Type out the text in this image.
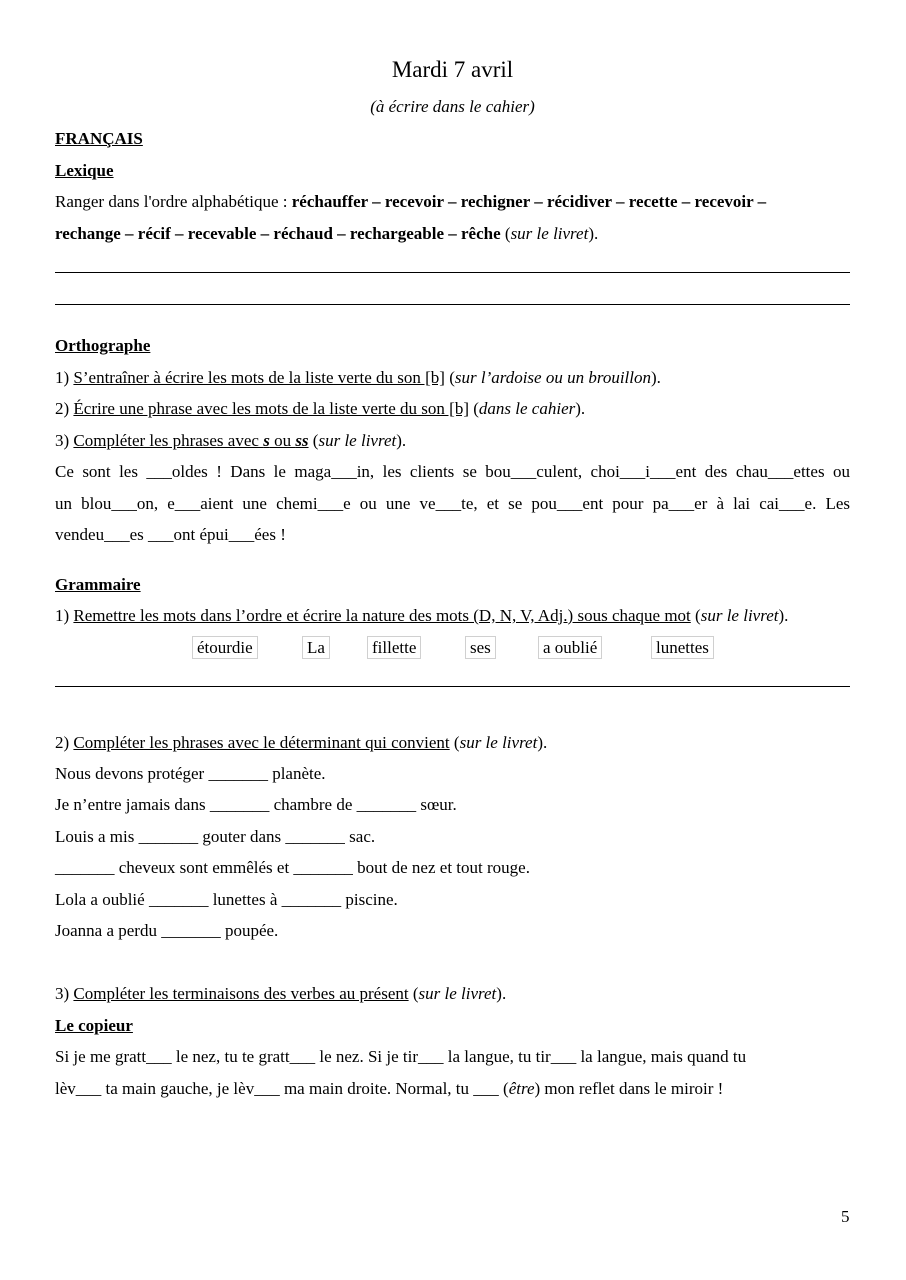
Mardi 7 avril
(à écrire dans le cahier)
FRANÇAIS
Lexique
Ranger dans l'ordre alphabétique : réchauffer – recevoir – rechigner – récidiver – recette – recevoir –
rechange – récif – recevable – réchaud – rechargeable – rêche (sur le livret).
Orthographe
1) S’entraîner à écrire les mots de la liste verte du son [b] (sur l’ardoise ou un brouillon).
2) Écrire une phrase avec les mots de la liste verte du son [b] (dans le cahier).
3) Compléter les phrases avec s ou ss (sur le livret).
Ce sont les ___oldes ! Dans le maga___in, les clients se bou___culent, choi___i___ent des chau___ettes ou
un blou___on, e___aient une chemi___e ou une ve___te, et se pou___ent pour pa___er à lai cai___e. Les
vendeu___es ___ont épui___ées !
Grammaire
1) Remettre les mots dans l’ordre et écrire la nature des mots (D, N, V, Adj.) sous chaque mot (sur le livret).
étourdie	La	fillette	ses	a oublié	lunettes
2) Compléter les phrases avec le déterminant qui convient (sur le livret).
Nous devons protéger _______ planète.
Je n’entre jamais dans _______ chambre de _______ sœur.
Louis a mis _______ gouter dans _______ sac.
_______ cheveux sont emmêlés et _______ bout de nez et tout rouge.
Lola a oublié _______ lunettes à _______ piscine.
Joanna a perdu _______ poupée.
3) Compléter les terminaisons des verbes au présent (sur le livret).
Le copieur
Si je me gratt___ le nez, tu te gratt___ le nez. Si je tir___ la langue, tu tir___ la langue, mais quand tu
lèv___ ta main gauche, je lèv___ ma main droite. Normal, tu ___ (être) mon reflet dans le miroir !
5
